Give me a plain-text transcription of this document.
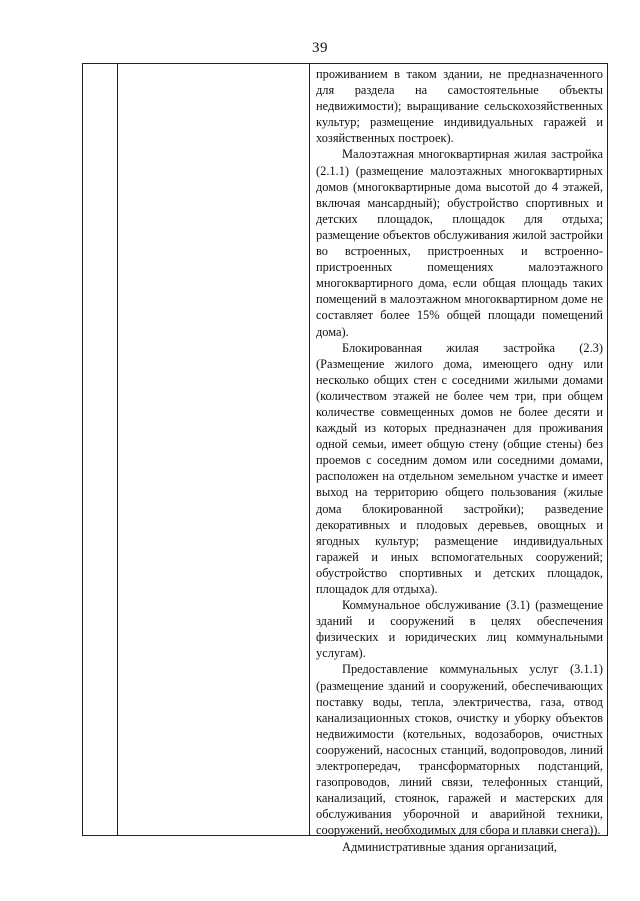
39

проживанием в таком здании, не предназначенного для раздела на самостоятельные объекты недвижимости); выращивание сельскохозяйственных культур; размещение индивидуальных гаражей и хозяйственных построек).

Малоэтажная многоквартирная жилая застройка (2.1.1) (размещение малоэтажных многоквартирных домов (многоквартирные дома высотой до 4 этажей, включая мансардный); обустройство спортивных и детских площадок, площадок для отдыха; размещение объектов обслуживания жилой застройки во встроенных, пристроенных и встроенно-пристроенных помещениях малоэтажного многоквартирного дома, если общая площадь таких помещений в малоэтажном многоквартирном доме не составляет более 15% общей площади помещений дома).

Блокированная жилая застройка (2.3) (Размещение жилого дома, имеющего одну или несколько общих стен с соседними жилыми домами (количеством этажей не более чем три, при общем количестве совмещенных домов не более десяти и каждый из которых предназначен для проживания одной семьи, имеет общую стену (общие стены) без проемов с соседним домом или соседними домами, расположен на отдельном земельном участке и имеет выход на территорию общего пользования (жилые дома блокированной застройки); разведение декоративных и плодовых деревьев, овощных и ягодных культур; размещение индивидуальных гаражей и иных вспомогательных сооружений; обустройство спортивных и детских площадок, площадок для отдыха).

Коммунальное обслуживание (3.1) (размещение зданий и сооружений в целях обеспечения физических и юридических лиц коммунальными услугам).

Предоставление коммунальных услуг (3.1.1) (размещение зданий и сооружений, обеспечивающих поставку воды, тепла, электричества, газа, отвод канализационных стоков, очистку и уборку объектов недвижимости (котельных, водозаборов, очистных сооружений, насосных станций, водопроводов, линий электропередач, трансформаторных подстанций, газопроводов, линий связи, телефонных станций, канализаций, стоянок, гаражей и мастерских для обслуживания уборочной и аварийной техники, сооружений, необходимых для сбора и плавки снега)).

Административные здания организаций,
